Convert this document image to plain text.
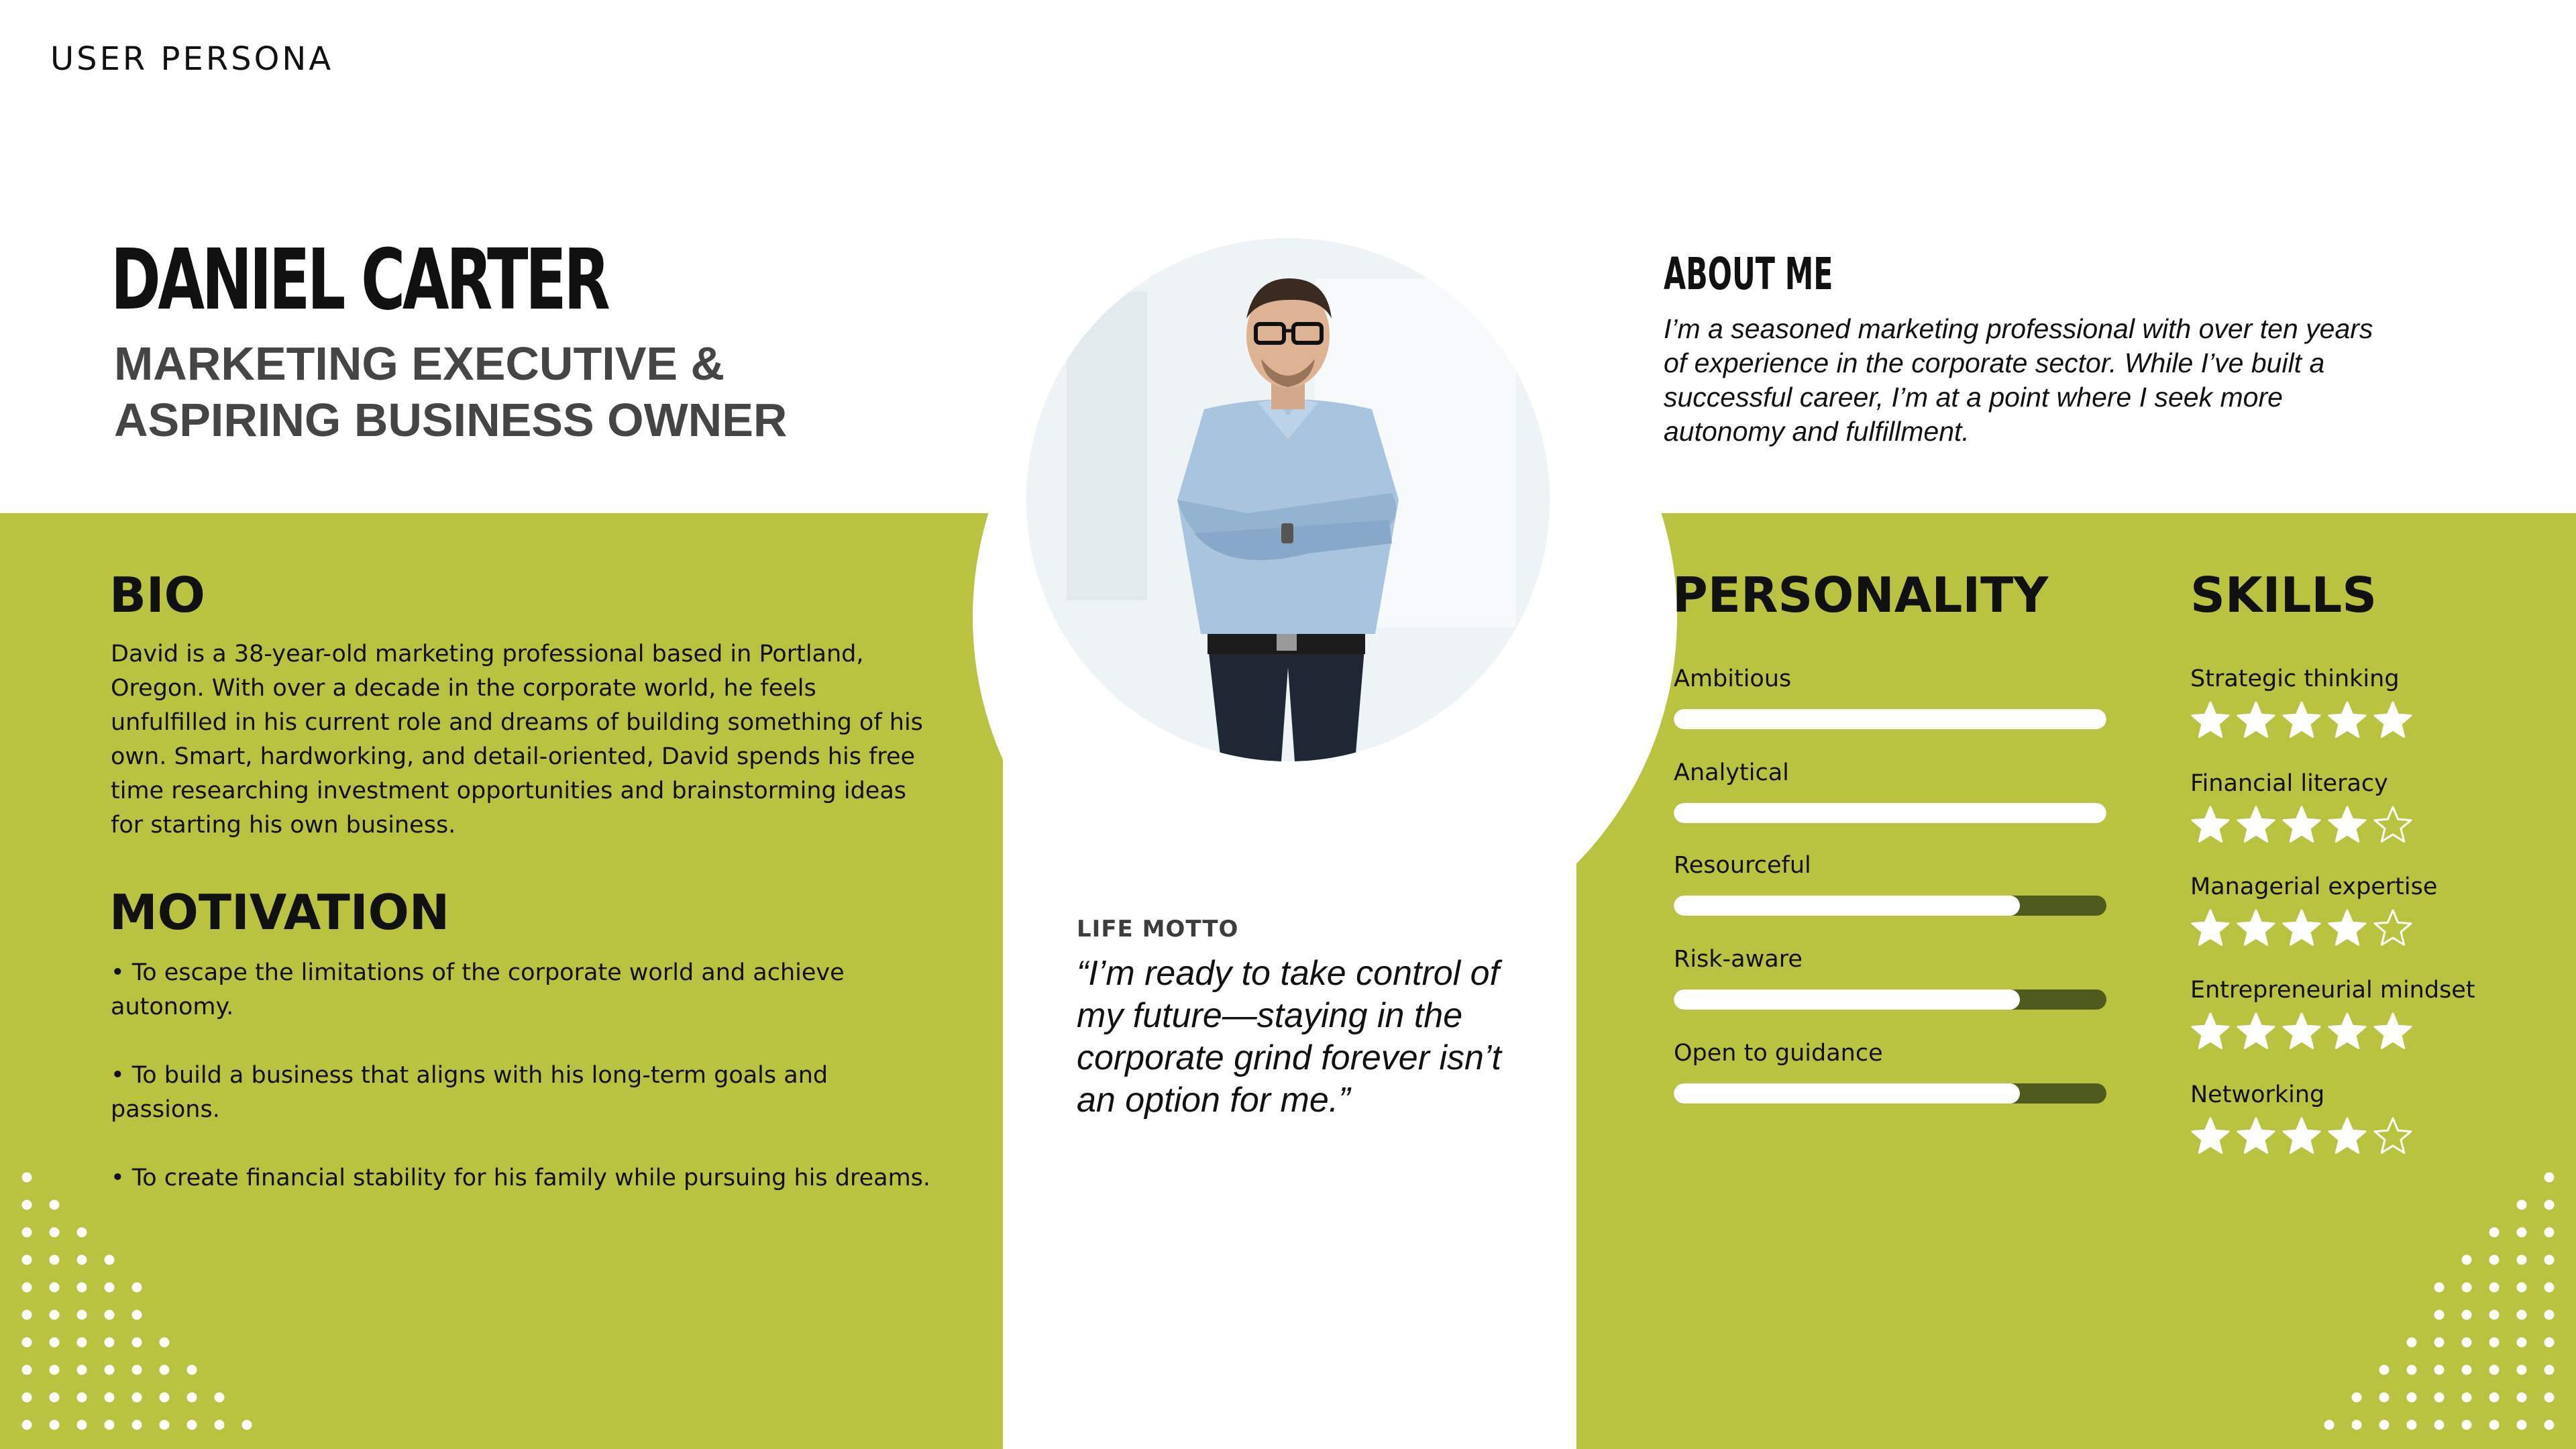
USER PERSONA
DANIEL CARTER
MARKETING EXECUTIVE & ASPIRING BUSINESS OWNER
ABOUT ME
I’m a seasoned marketing professional with over ten years of experience in the corporate sector. While I’ve built a successful career, I’m at a point where I seek more autonomy and fulfillment.
BIO
David is a 38-year-old marketing professional based in Portland, Oregon. With over a decade in the corporate world, he feels unfulfilled in his current role and dreams of building something of his own. Smart, hardworking, and detail-oriented, David spends his free time researching investment opportunities and brainstorming ideas for starting his own business.
MOTIVATION

• To escape the limitations of the corporate world and achieve autonomy.

• To build a business that aligns with his long-term goals and passions.

• To create financial stability for his family while pursuing his dreams.

LIFE MOTTO
“I’m ready to take control of my future—staying in the corporate grind forever isn’t an option for me.”
PERSONALITY
Ambitious
Analytical
Resourceful
Risk-aware
Open to guidance
SKILLS
Strategic thinking
Financial literacy
Managerial expertise
Entrepreneurial mindset
Networking
